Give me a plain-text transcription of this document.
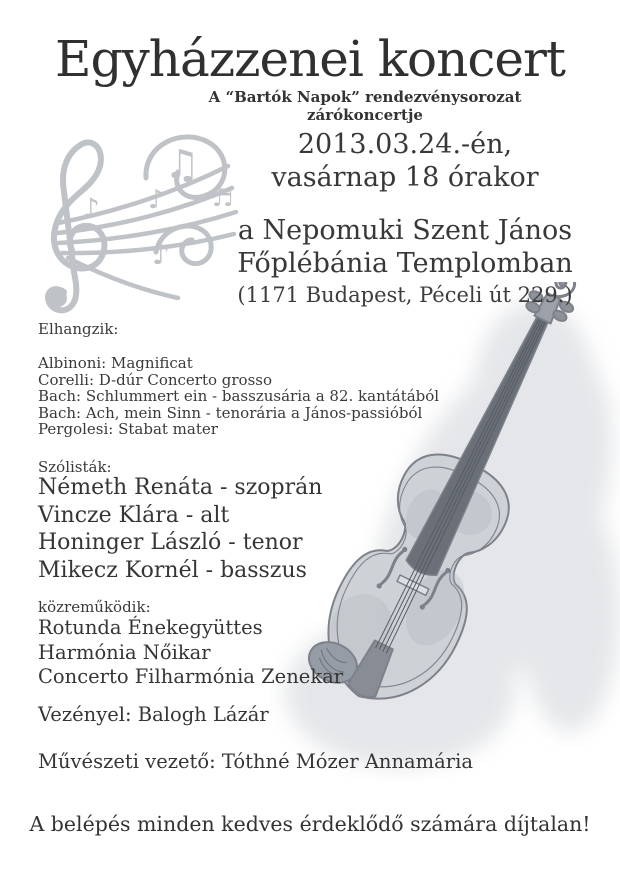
Egyházzenei koncert
A “Bartók Napok” rendezvénysorozat zárókoncertje
♫
♪ ♪
♪
♬
2013.03.24.-én,
vasárnap 18 órakor
a Nepomuki Szent János
Főplébánia Templomban
(1171 Budapest, Péceli út 229.)
Elhangzik:
Albinoni: Magnificat
Corelli: D-dúr Concerto grosso
Bach: Schlummert ein - basszusária a 82. kantátából
Bach: Ach, mein Sinn - tenorária a János-passióból
Pergolesi: Stabat mater
Szólisták:
Németh Renáta - szoprán
Vincze Klára - alt
Honinger László - tenor
Mikecz Kornél - basszus
közreműködik:
Rotunda Énekegyüttes
Harmónia Nőikar
Concerto Filharmónia Zenekar
Vezényel: Balogh Lázár
Művészeti vezető: Tóthné Mózer Annamária
A belépés minden kedves érdeklődő számára díjtalan!
